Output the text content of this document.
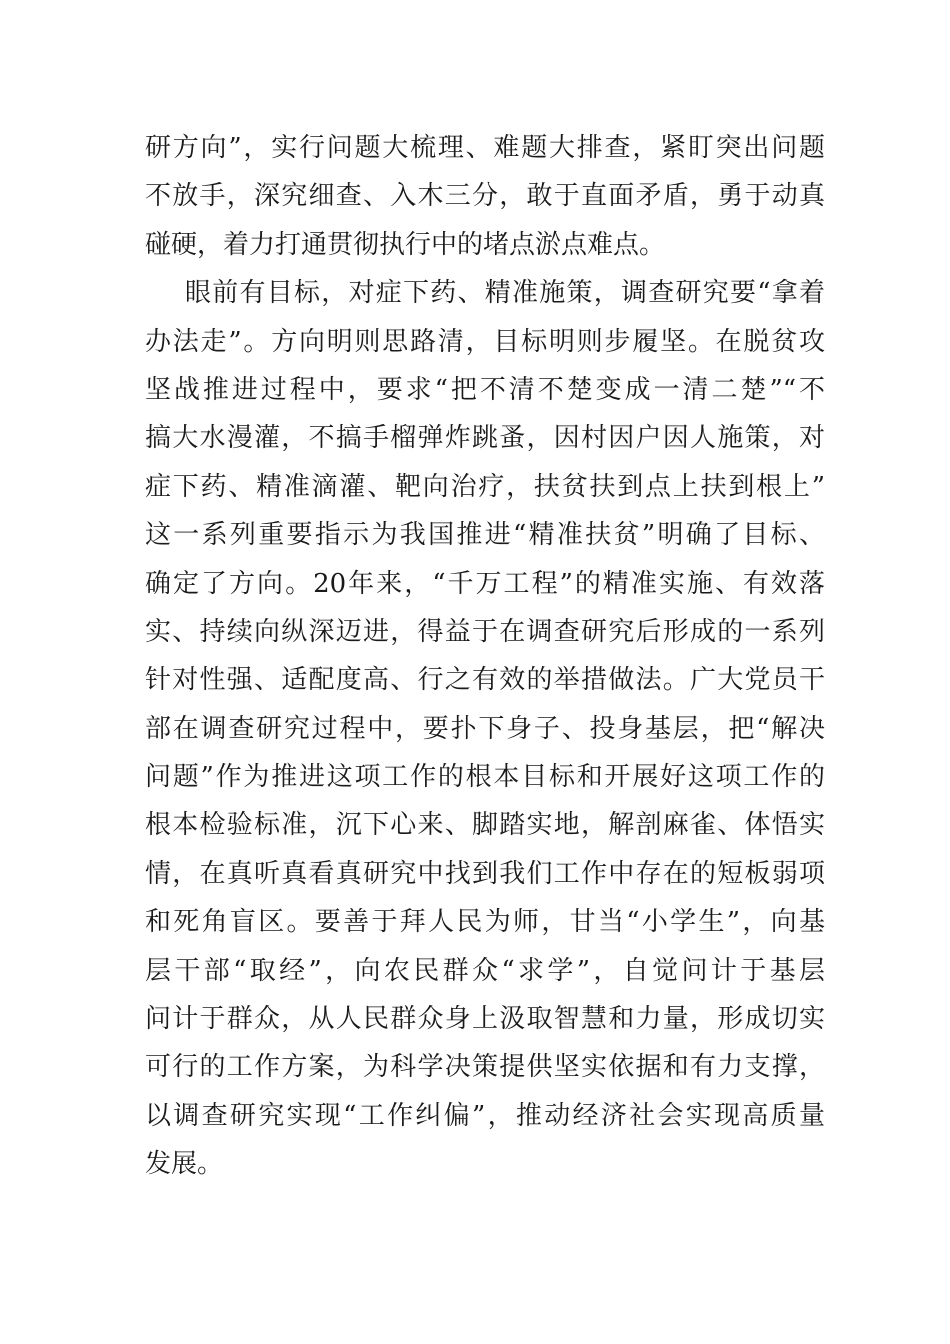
研方向”，实行问题大梳理、难题大排查，紧盯突出问题
不放手，深究细查、入木三分，敢于直面矛盾，勇于动真
碰硬，着力打通贯彻执行中的堵点淤点难点。
眼前有目标，对症下药、精准施策，调查研究要“拿着
办法走”。方向明则思路清，目标明则步履坚。在脱贫攻
坚战推进过程中，要求“把不清不楚变成一清二楚”“不
搞大水漫灌，不搞手榴弹炸跳蚤，因村因户因人施策，对
症下药、精准滴灌、靶向治疗，扶贫扶到点上扶到根上”
这一系列重要指示为我国推进“精准扶贫”明确了目标、
确定了方向。20年来，“千万工程”的精准实施、有效落
实、持续向纵深迈进，得益于在调查研究后形成的一系列
针对性强、适配度高、行之有效的举措做法。广大党员干
部在调查研究过程中，要扑下身子、投身基层，把“解决
问题”作为推进这项工作的根本目标和开展好这项工作的
根本检验标准，沉下心来、脚踏实地，解剖麻雀、体悟实
情，在真听真看真研究中找到我们工作中存在的短板弱项
和死角盲区。要善于拜人民为师，甘当“小学生”，向基
层干部“取经”，向农民群众“求学”，自觉问计于基层
问计于群众，从人民群众身上汲取智慧和力量，形成切实
可行的工作方案，为科学决策提供坚实依据和有力支撑，
以调查研究实现“工作纠偏”，推动经济社会实现高质量
发展。
